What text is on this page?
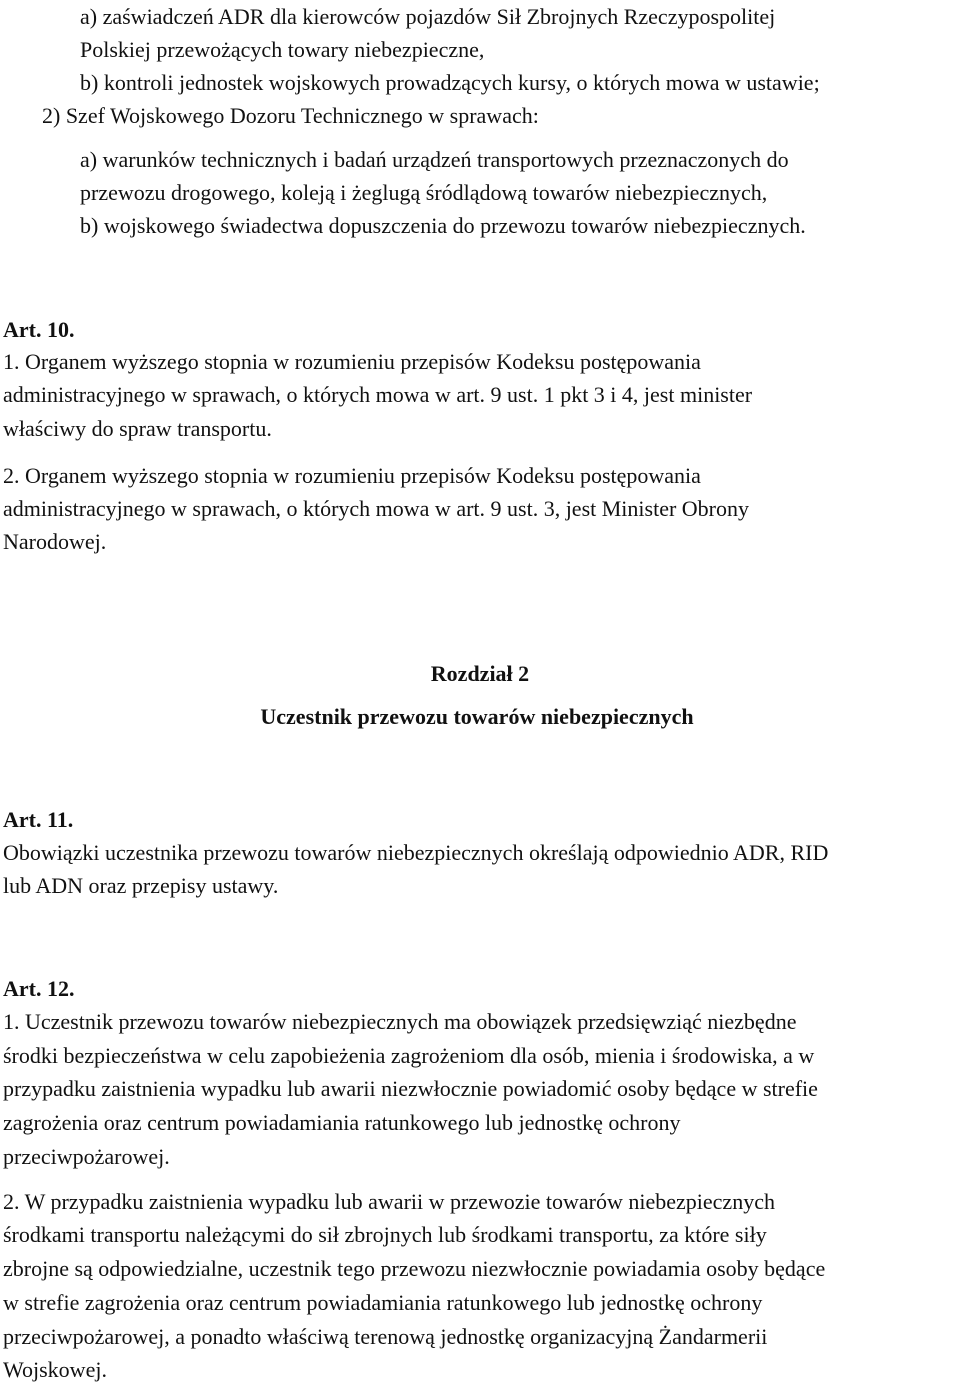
a) zaświadczeń ADR dla kierowców pojazdów Sił Zbrojnych Rzeczypospolitej
Polskiej przewożących towary niebezpieczne,
b) kontroli jednostek wojskowych prowadzących kursy, o których mowa w ustawie;
2) Szef Wojskowego Dozoru Technicznego w sprawach:
a) warunków technicznych i badań urządzeń transportowych przeznaczonych do
przewozu drogowego, koleją i żeglugą śródlądową towarów niebezpiecznych,
b) wojskowego świadectwa dopuszczenia do przewozu towarów niebezpiecznych.
Art. 10.
1. Organem wyższego stopnia w rozumieniu przepisów Kodeksu postępowania
administracyjnego w sprawach, o których mowa w art. 9 ust. 1 pkt 3 i 4, jest minister
właściwy do spraw transportu.
2. Organem wyższego stopnia w rozumieniu przepisów Kodeksu postępowania
administracyjnego w sprawach, o których mowa w art. 9 ust. 3, jest Minister Obrony
Narodowej.
Rozdział 2
Uczestnik przewozu towarów niebezpiecznych
Art. 11.
Obowiązki uczestnika przewozu towarów niebezpiecznych określają odpowiednio ADR, RID
lub ADN oraz przepisy ustawy.
Art. 12.
1. Uczestnik przewozu towarów niebezpiecznych ma obowiązek przedsięwziąć niezbędne
środki bezpieczeństwa w celu zapobieżenia zagrożeniom dla osób, mienia i środowiska, a w
przypadku zaistnienia wypadku lub awarii niezwłocznie powiadomić osoby będące w strefie
zagrożenia oraz centrum powiadamiania ratunkowego lub jednostkę ochrony
przeciwpożarowej.
2. W przypadku zaistnienia wypadku lub awarii w przewozie towarów niebezpiecznych
środkami transportu należącymi do sił zbrojnych lub środkami transportu, za które siły
zbrojne są odpowiedzialne, uczestnik tego przewozu niezwłocznie powiadamia osoby będące
w strefie zagrożenia oraz centrum powiadamiania ratunkowego lub jednostkę ochrony
przeciwpożarowej, a ponadto właściwą terenową jednostkę organizacyjną Żandarmerii
Wojskowej.
